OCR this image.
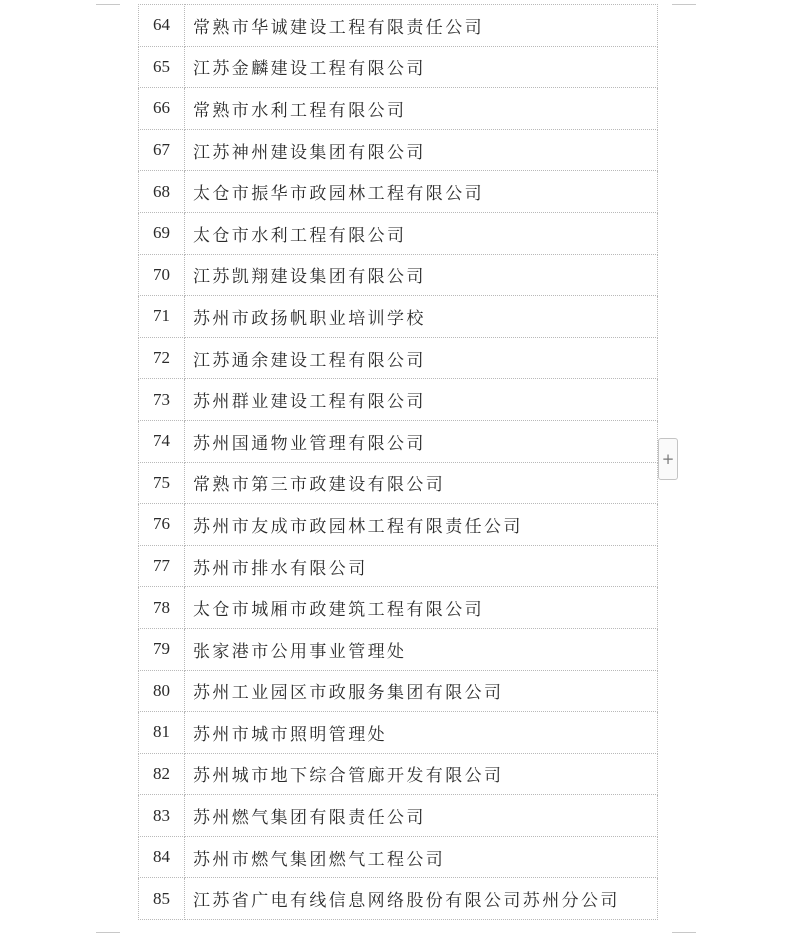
64	常熟市华诚建设工程有限责任公司
65	江苏金麟建设工程有限公司
66	常熟市水利工程有限公司
67	江苏神州建设集团有限公司
68	太仓市振华市政园林工程有限公司
69	太仓市水利工程有限公司
70	江苏凯翔建设集团有限公司
71	苏州市政扬帆职业培训学校
72	江苏通余建设工程有限公司
73	苏州群业建设工程有限公司
74	苏州国通物业管理有限公司
75	常熟市第三市政建设有限公司
76	苏州市友成市政园林工程有限责任公司
77	苏州市排水有限公司
78	太仓市城厢市政建筑工程有限公司
79	张家港市公用事业管理处
80	苏州工业园区市政服务集团有限公司
81	苏州市城市照明管理处
82	苏州城市地下综合管廊开发有限公司
83	苏州燃气集团有限责任公司
84	苏州市燃气集团燃气工程公司
85	江苏省广电有线信息网络股份有限公司苏州分公司
+
